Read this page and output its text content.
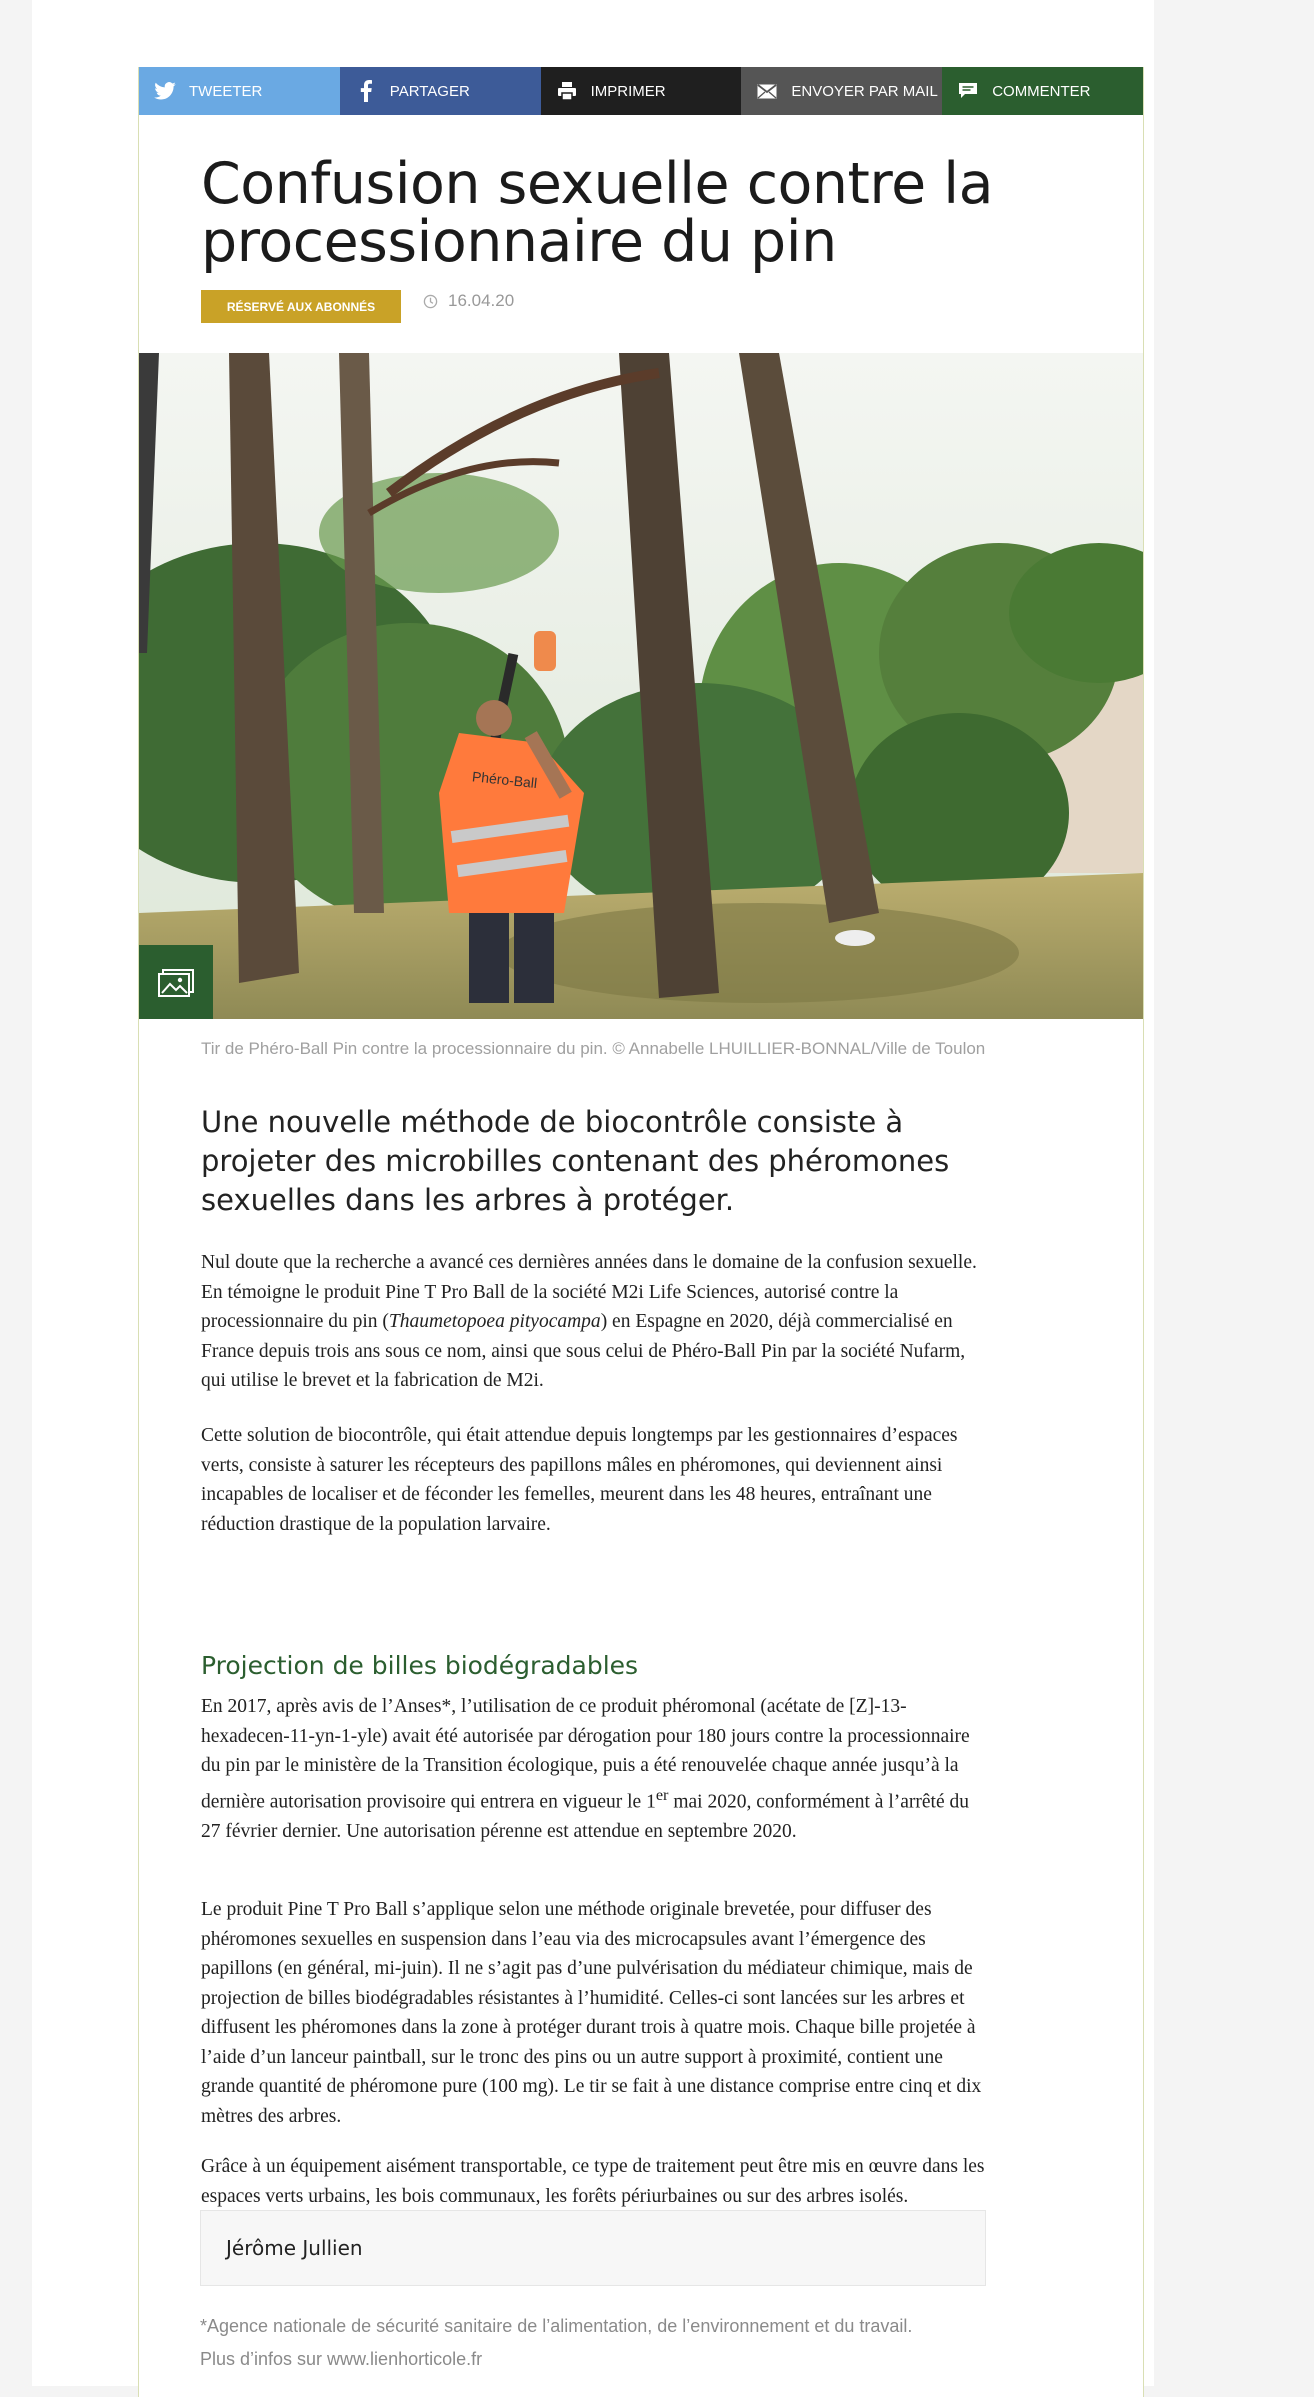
TWEETER	PARTAGER	IMPRIMER	ENVOYER PAR MAIL	COMMENTER
Confusion sexuelle contre la processionnaire du pin
RÉSERVÉ AUX ABONNÉS	16.04.20
Phéro-Ball
Tir de Phéro-Ball Pin contre la processionnaire du pin. © Annabelle LHUILLIER-BONNAL/Ville de Toulon
Une nouvelle méthode de biocontrôle consiste à projeter des microbilles contenant des phéromones sexuelles dans les arbres à protéger.

Nul doute que la recherche a avancé ces dernières années dans le domaine de la confusion sexuelle. En témoigne le produit Pine T Pro Ball de la société M2i Life Sciences, autorisé contre la processionnaire du pin (Thaumetopoea pityocampa) en Espagne en 2020, déjà commercialisé en France depuis trois ans sous ce nom, ainsi que sous celui de Phéro-Ball Pin par la société Nufarm, qui utilise le brevet et la fabrication de M2i.

Cette solution de biocontrôle, qui était attendue depuis longtemps par les gestionnaires d’espaces verts, consiste à saturer les récepteurs des papillons mâles en phéromones, qui deviennent ainsi incapables de localiser et de féconder les femelles, meurent dans les 48 heures, entraînant une réduction drastique de la population larvaire.

Projection de billes biodégradables

En 2017, après avis de l’Anses*, l’utilisation de ce produit phéromonal (acétate de [Z]-13-hexadecen-11-yn-1-yle) avait été autorisée par dérogation pour 180 jours contre la processionnaire du pin par le ministère de la Transition écologique, puis a été renouvelée chaque année jusqu’à la dernière autorisation provisoire qui entrera en vigueur le 1er mai 2020, conformément à l’arrêté du 27 février dernier. Une autorisation pérenne est attendue en septembre 2020.

Le produit Pine T Pro Ball s’applique selon une méthode originale brevetée, pour diffuser des phéromones sexuelles en suspension dans l’eau via des microcapsules avant l’émergence des papillons (en général, mi-juin). Il ne s’agit pas d’une pulvérisation du médiateur chimique, mais de projection de billes biodégradables résistantes à l’humidité. Celles-ci sont lancées sur les arbres et diffusent les phéromones dans la zone à protéger durant trois à quatre mois. Chaque bille projetée à l’aide d’un lanceur paintball, sur le tronc des pins ou un autre support à proximité, contient une grande quantité de phéromone pure (100 mg). Le tir se fait à une distance comprise entre cinq et dix mètres des arbres.

Grâce à un équipement aisément transportable, ce type de traitement peut être mis en œuvre dans les espaces verts urbains, les bois communaux, les forêts périurbaines ou sur des arbres isolés.

Jérôme Jullien
*Agence nationale de sécurité sanitaire de l’alimentation, de l’environnement et du travail.
Plus d’infos sur www.lienhorticole.fr
